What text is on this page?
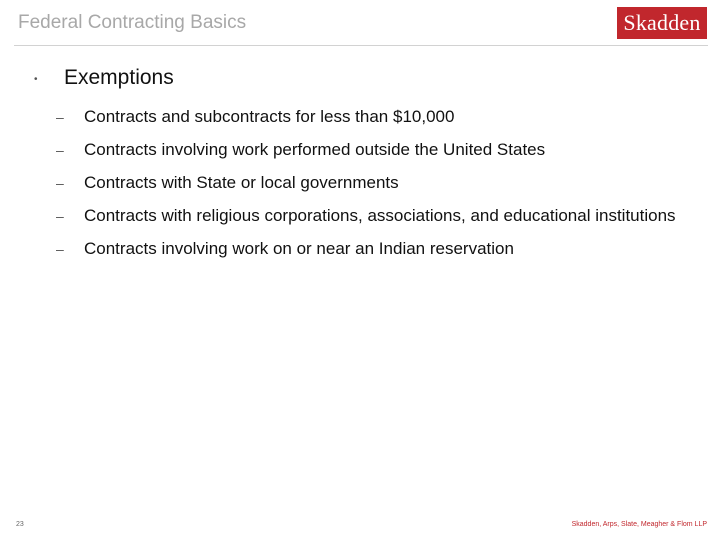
Federal Contracting Basics	Skadden
• Exemptions
– Contracts and subcontracts for less than $10,000
– Contracts involving work performed outside the United States
– Contracts with State or local governments
– Contracts with religious corporations, associations, and educational institutions
– Contracts involving work on or near an Indian reservation
23	Skadden, Arps, Slate, Meagher & Flom LLP
